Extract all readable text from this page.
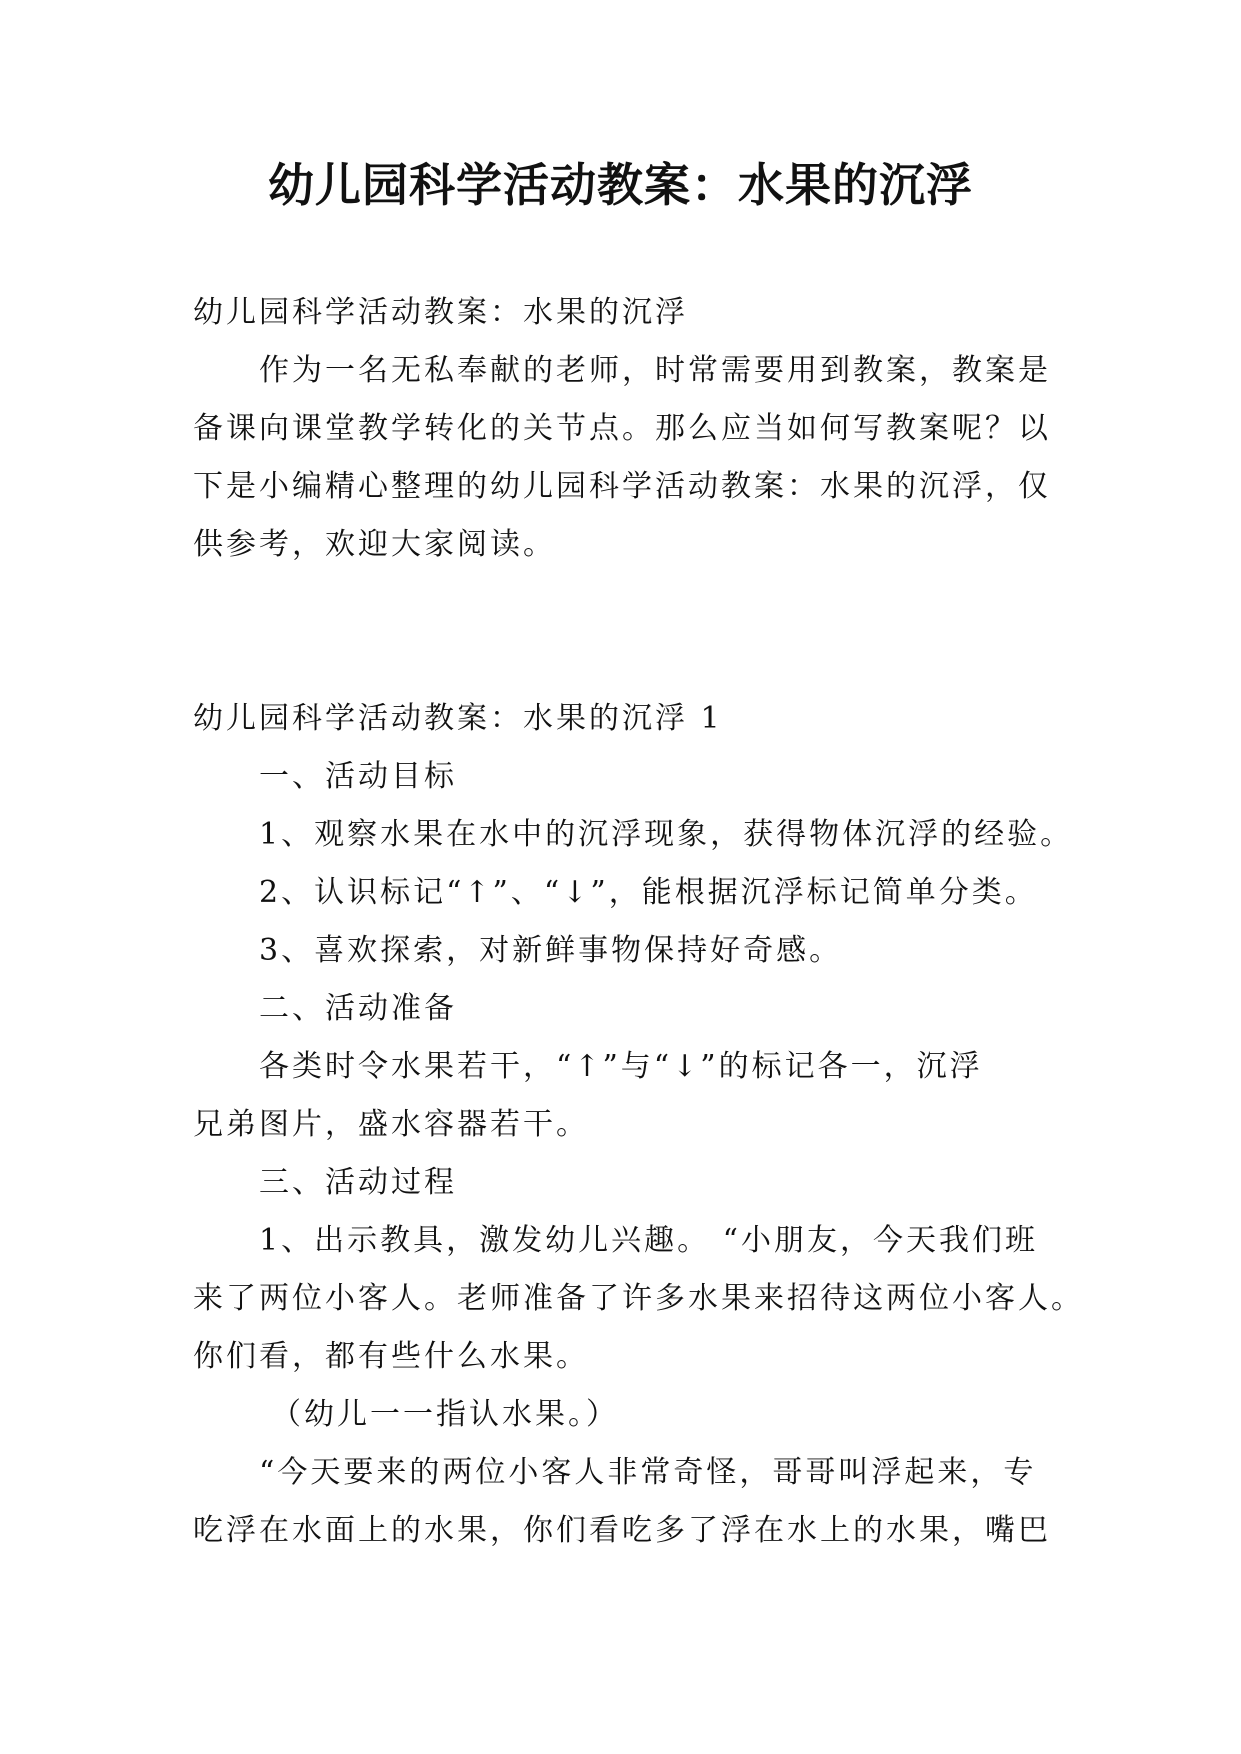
幼儿园科学活动教案：水果的沉浮

幼儿园科学活动教案：水果的沉浮

作为一名无私奉献的老师，时常需要用到教案，教案是

备课向课堂教学转化的关节点。那么应当如何写教案呢？以

下是小编精心整理的幼儿园科学活动教案：水果的沉浮，仅

供参考，欢迎大家阅读。

幼儿园科学活动教案：水果的沉浮 1

一、活动目标

1、观察水果在水中的沉浮现象，获得物体沉浮的经验。

2、认识标记“↑”、“↓”，能根据沉浮标记简单分类。

3、喜欢探索，对新鲜事物保持好奇感。

二、活动准备

各类时令水果若干，“↑”与“↓”的标记各一，沉浮

兄弟图片，盛水容器若干。

三、活动过程

1、出示教具，激发幼儿兴趣。 “小朋友，今天我们班

来了两位小客人。老师准备了许多水果来招待这两位小客人。

你们看，都有些什么水果。

（幼儿一一指认水果。）

“今天要来的两位小客人非常奇怪，哥哥叫浮起来，专

吃浮在水面上的水果，你们看吃多了浮在水上的水果，嘴巴
